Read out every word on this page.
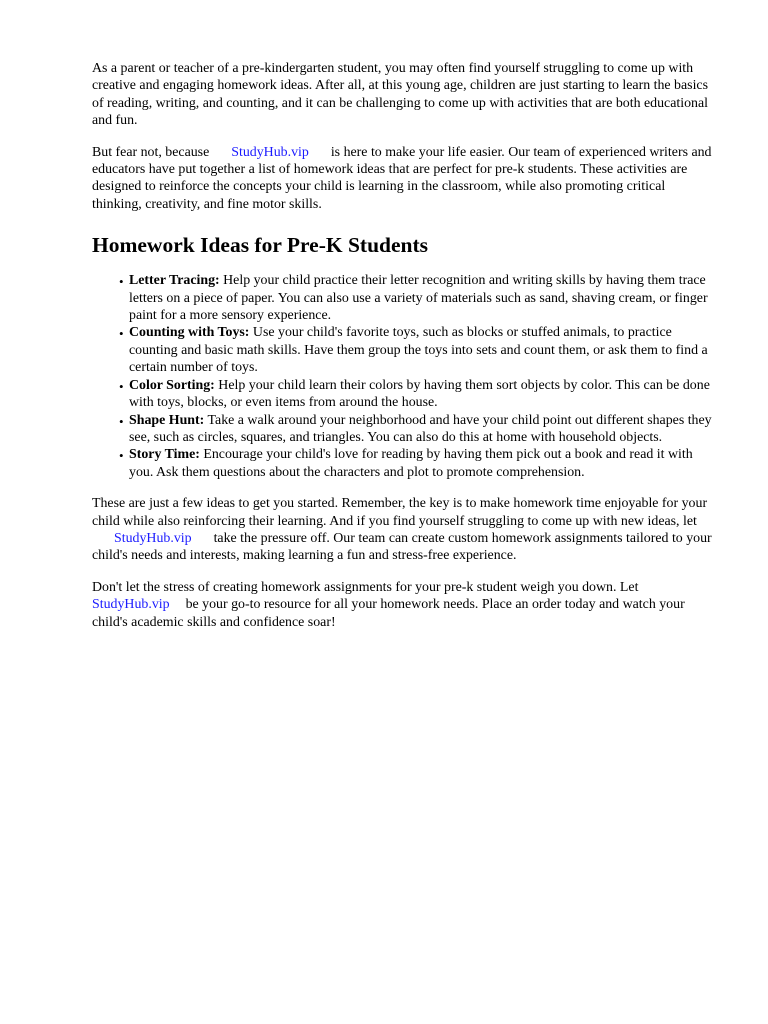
As a parent or teacher of a pre-kindergarten student, you may often find yourself struggling to come up with creative and engaging homework ideas. After all, at this young age, children are just starting to learn the basics of reading, writing, and counting, and it can be challenging to come up with activities that are both educational and fun.

But fear not, because StudyHub.vip is here to make your life easier. Our team of experienced writers and educators have put together a list of homework ideas that are perfect for pre-k students. These activities are designed to reinforce the concepts your child is learning in the classroom, while also promoting critical thinking, creativity, and fine motor skills.

Homework Ideas for Pre-K Students
• Letter Tracing: Help your child practice their letter recognition and writing skills by having them trace letters on a piece of paper. You can also use a variety of materials such as sand, shaving cream, or finger paint for a more sensory experience.
• Counting with Toys: Use your child's favorite toys, such as blocks or stuffed animals, to practice counting and basic math skills. Have them group the toys into sets and count them, or ask them to find a certain number of toys.
• Color Sorting: Help your child learn their colors by having them sort objects by color. This can be done with toys, blocks, or even items from around the house.
• Shape Hunt: Take a walk around your neighborhood and have your child point out different shapes they see, such as circles, squares, and triangles. You can also do this at home with household objects.
• Story Time: Encourage your child's love for reading by having them pick out a book and read it with you. Ask them questions about the characters and plot to promote comprehension.

These are just a few ideas to get you started. Remember, the key is to make homework time enjoyable for your child while also reinforcing their learning. And if you find yourself struggling to come up with new ideas, letStudyHub.vip take the pressure off. Our team can create custom homework assignments tailored to your child's needs and interests, making learning a fun and stress-free experience.

Don't let the stress of creating homework assignments for your pre-k student weigh you down. Let StudyHub.vip be your go-to resource for all your homework needs. Place an order today and watch your child's academic skills and confidence soar!
